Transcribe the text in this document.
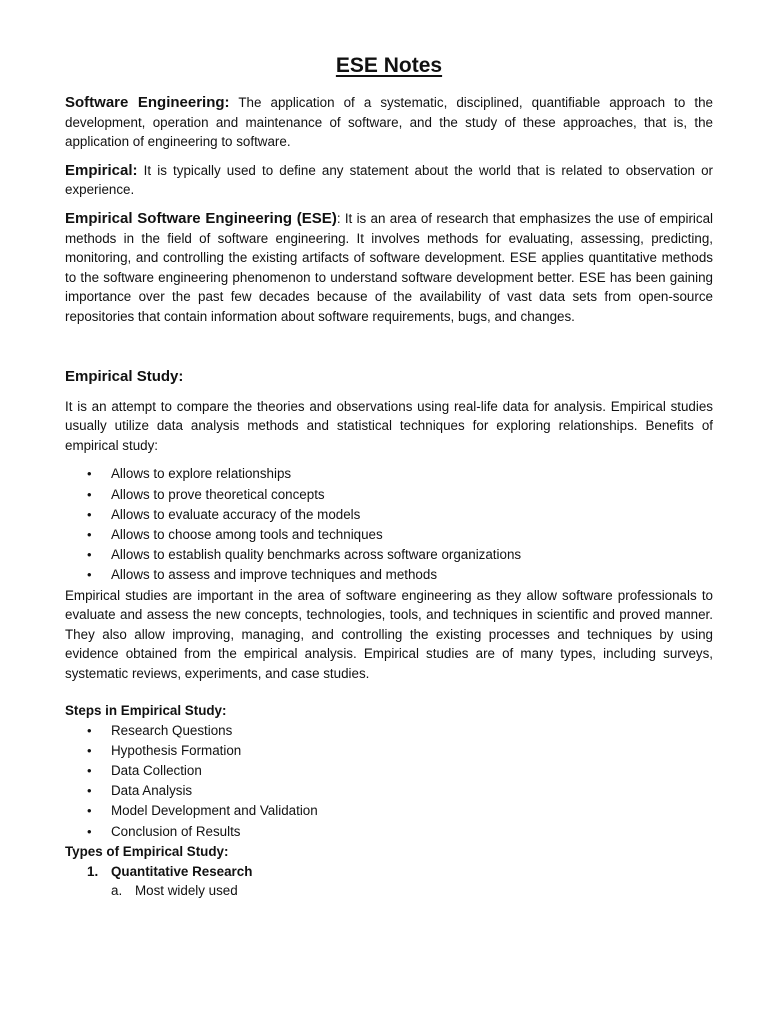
ESE Notes

Software Engineering: The application of a systematic, disciplined, quantifiable approach to the development, operation and maintenance of software, and the study of these approaches, that is, the application of engineering to software.

Empirical: It is typically used to define any statement about the world that is related to observation or experience.

Empirical Software Engineering (ESE): It is an area of research that emphasizes the use of empirical methods in the field of software engineering. It involves methods for evaluating, assessing, predicting, monitoring, and controlling the existing artifacts of software development. ESE applies quantitative methods to the software engineering phenomenon to understand software development better. ESE has been gaining importance over the past few decades because of the availability of vast data sets from open-source repositories that contain information about software requirements, bugs, and changes.

Empirical Study:

It is an attempt to compare the theories and observations using real-life data for analysis. Empirical studies usually utilize data analysis methods and statistical techniques for exploring relationships. Benefits of empirical study:

• Allows to explore relationships
• Allows to prove theoretical concepts
• Allows to evaluate accuracy of the models
• Allows to choose among tools and techniques
• Allows to establish quality benchmarks across software organizations
• Allows to assess and improve techniques and methods

Empirical studies are important in the area of software engineering as they allow software professionals to evaluate and assess the new concepts, technologies, tools, and techniques in scientific and proved manner. They also allow improving, managing, and controlling the existing processes and techniques by using evidence obtained from the empirical analysis. Empirical studies are of many types, including surveys, systematic reviews, experiments, and case studies.

Steps in Empirical Study:
• Research Questions
• Hypothesis Formation
• Data Collection
• Data Analysis
• Model Development and Validation
• Conclusion of Results
Types of Empirical Study:
1. Quantitative Research
a. Most widely used
